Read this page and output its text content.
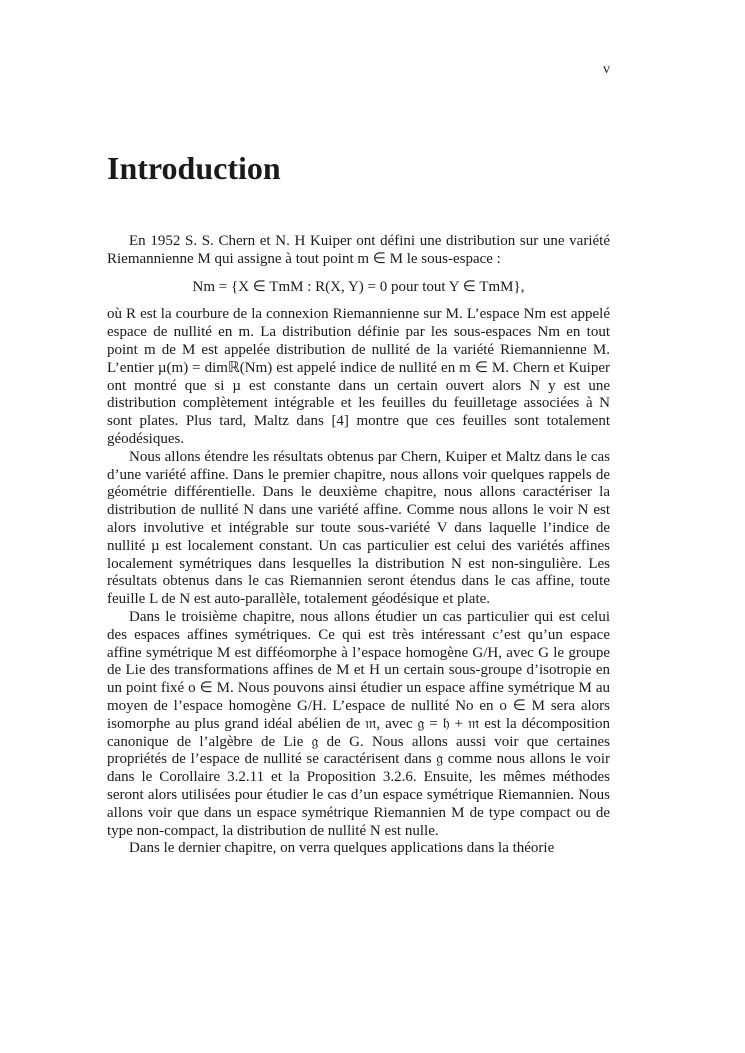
v
Introduction

En 1952 S. S. Chern et N. H Kuiper ont défini une distribution sur une variété Riemannienne M qui assigne à tout point m ∈ M le sous-espace :

Nm = {X ∈ TmM : R(X, Y) = 0 pour tout Y ∈ TmM},

où R est la courbure de la connexion Riemannienne sur M. L’espace Nm est appelé espace de nullité en m. La distribution définie par les sous-espaces Nm en tout point m de M est appelée distribution de nullité de la variété Riemannienne M. L’entier µ(m) = dimℝ(Nm) est appelé indice de nullité en m ∈ M. Chern et Kuiper ont montré que si µ est constante dans un certain ouvert alors N y est une distribution complètement intégrable et les feuilles du feuilletage associées à N sont plates. Plus tard, Maltz dans [4] montre que ces feuilles sont totalement géodésiques.

Nous allons étendre les résultats obtenus par Chern, Kuiper et Maltz dans le cas d’une variété affine. Dans le premier chapitre, nous allons voir quelques rappels de géométrie différentielle. Dans le deuxième chapitre, nous allons caractériser la distribution de nullité N dans une variété affine. Comme nous allons le voir N est alors involutive et intégrable sur toute sous-variété V dans laquelle l’indice de nullité µ est localement constant. Un cas particulier est celui des variétés affines localement symétriques dans lesquelles la distribution N est non-singulière. Les résultats obtenus dans le cas Riemannien seront étendus dans le cas affine, toute feuille L de N est auto-parallèle, totalement géodésique et plate.

Dans le troisième chapitre, nous allons étudier un cas particulier qui est celui des espaces affines symétriques. Ce qui est très intéressant c’est qu’un espace affine symétrique M est difféomorphe à l’espace homogène G/H, avec G le groupe de Lie des transformations affines de M et H un certain sous-groupe d’isotropie en un point fixé o ∈ M. Nous pouvons ainsi étudier un espace affine symétrique M au moyen de l’espace homogène G/H. L’espace de nullité No en o ∈ M sera alors isomorphe au plus grand idéal abélien de 𝔪, avec 𝔤 = 𝔥 + 𝔪 est la décomposition canonique de l’algèbre de Lie 𝔤 de G. Nous allons aussi voir que certaines propriétés de l’espace de nullité se caractérisent dans 𝔤 comme nous allons le voir dans le Corollaire 3.2.11 et la Proposition 3.2.6. Ensuite, les mêmes méthodes seront alors utilisées pour étudier le cas d’un espace symétrique Riemannien. Nous allons voir que dans un espace symétrique Riemannien M de type compact ou de type non-compact, la distribution de nullité N est nulle.

Dans le dernier chapitre, on verra quelques applications dans la théorie
